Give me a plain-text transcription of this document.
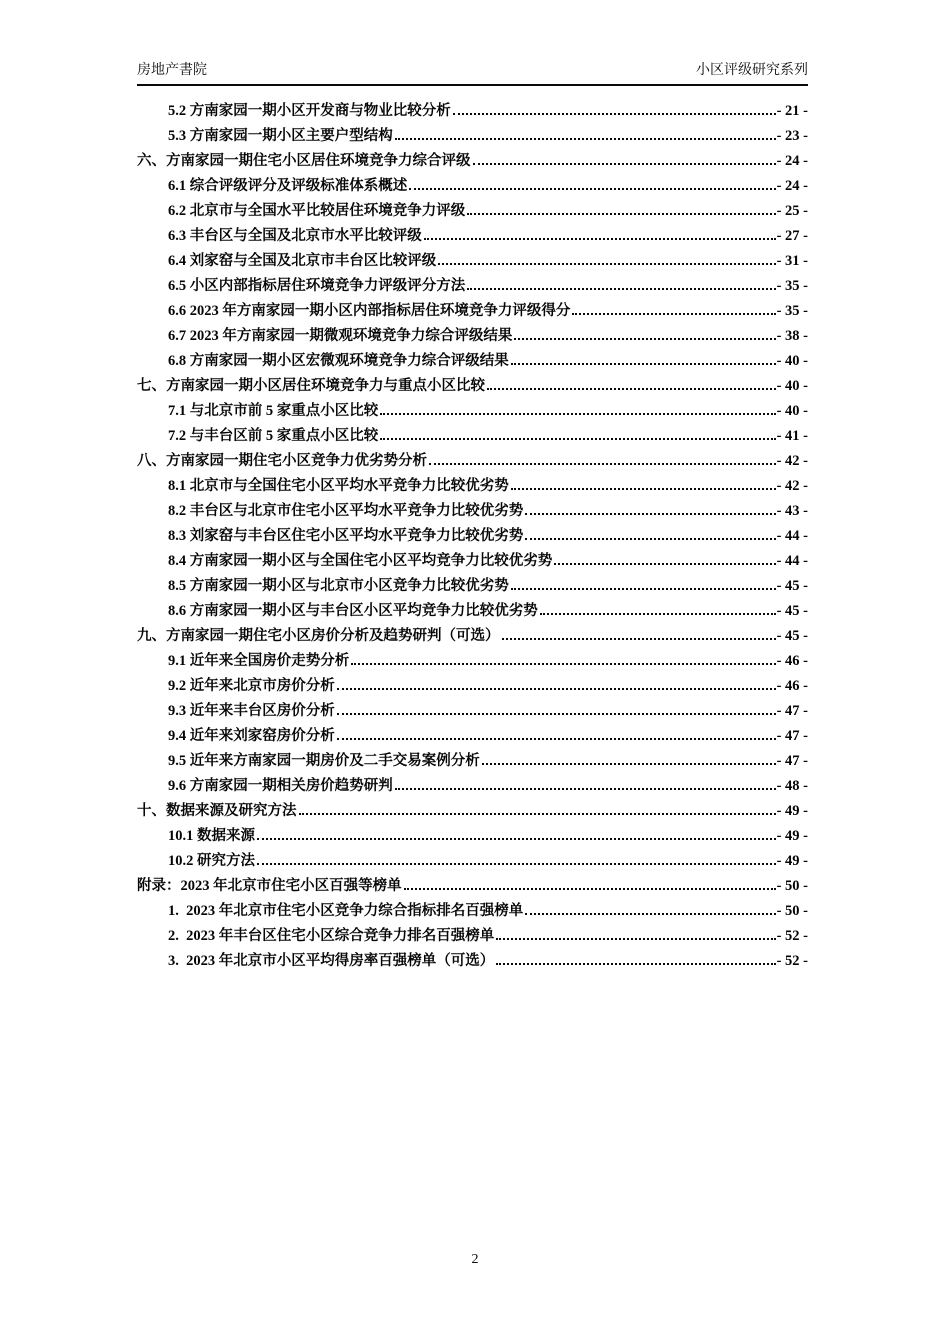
房地产書院	小区评级研究系列
5.2 方南家园一期小区开发商与物业比较分析	- 21 -
5.3 方南家园一期小区主要户型结构	- 23 -
六、方南家园一期住宅小区居住环境竞争力综合评级	- 24 -
6.1 综合评级评分及评级标准体系概述	- 24 -
6.2 北京市与全国水平比较居住环境竞争力评级	- 25 -
6.3 丰台区与全国及北京市水平比较评级	- 27 -
6.4 刘家窑与全国及北京市丰台区比较评级	- 31 -
6.5 小区内部指标居住环境竞争力评级评分方法	- 35 -
6.6 2023 年方南家园一期小区内部指标居住环境竞争力评级得分	- 35 -
6.7 2023 年方南家园一期微观环境竞争力综合评级结果	- 38 -
6.8 方南家园一期小区宏微观环境竞争力综合评级结果	- 40 -
七、方南家园一期小区居住环境竞争力与重点小区比较	- 40 -
7.1 与北京市前 5 家重点小区比较	- 40 -
7.2 与丰台区前 5 家重点小区比较	- 41 -
八、方南家园一期住宅小区竞争力优劣势分析	- 42 -
8.1 北京市与全国住宅小区平均水平竞争力比较优劣势	- 42 -
8.2 丰台区与北京市住宅小区平均水平竞争力比较优劣势	- 43 -
8.3 刘家窑与丰台区住宅小区平均水平竞争力比较优劣势	- 44 -
8.4 方南家园一期小区与全国住宅小区平均竞争力比较优劣势	- 44 -
8.5 方南家园一期小区与北京市小区竞争力比较优劣势	- 45 -
8.6 方南家园一期小区与丰台区小区平均竞争力比较优劣势	- 45 -
九、方南家园一期住宅小区房价分析及趋势研判（可选）	- 45 -
9.1 近年来全国房价走势分析	- 46 -
9.2 近年来北京市房价分析	- 46 -
9.3 近年来丰台区房价分析	- 47 -
9.4 近年来刘家窑房价分析	- 47 -
9.5 近年来方南家园一期房价及二手交易案例分析	- 47 -
9.6 方南家园一期相关房价趋势研判	- 48 -
十、数据来源及研究方法	- 49 -
10.1 数据来源	- 49 -
10.2 研究方法	- 49 -
附录：2023 年北京市住宅小区百强等榜单	- 50 -
1.  2023 年北京市住宅小区竞争力综合指标排名百强榜单	- 50 -
2.  2023 年丰台区住宅小区综合竞争力排名百强榜单	- 52 -
3.  2023 年北京市小区平均得房率百强榜单（可选）	- 52 -
2
